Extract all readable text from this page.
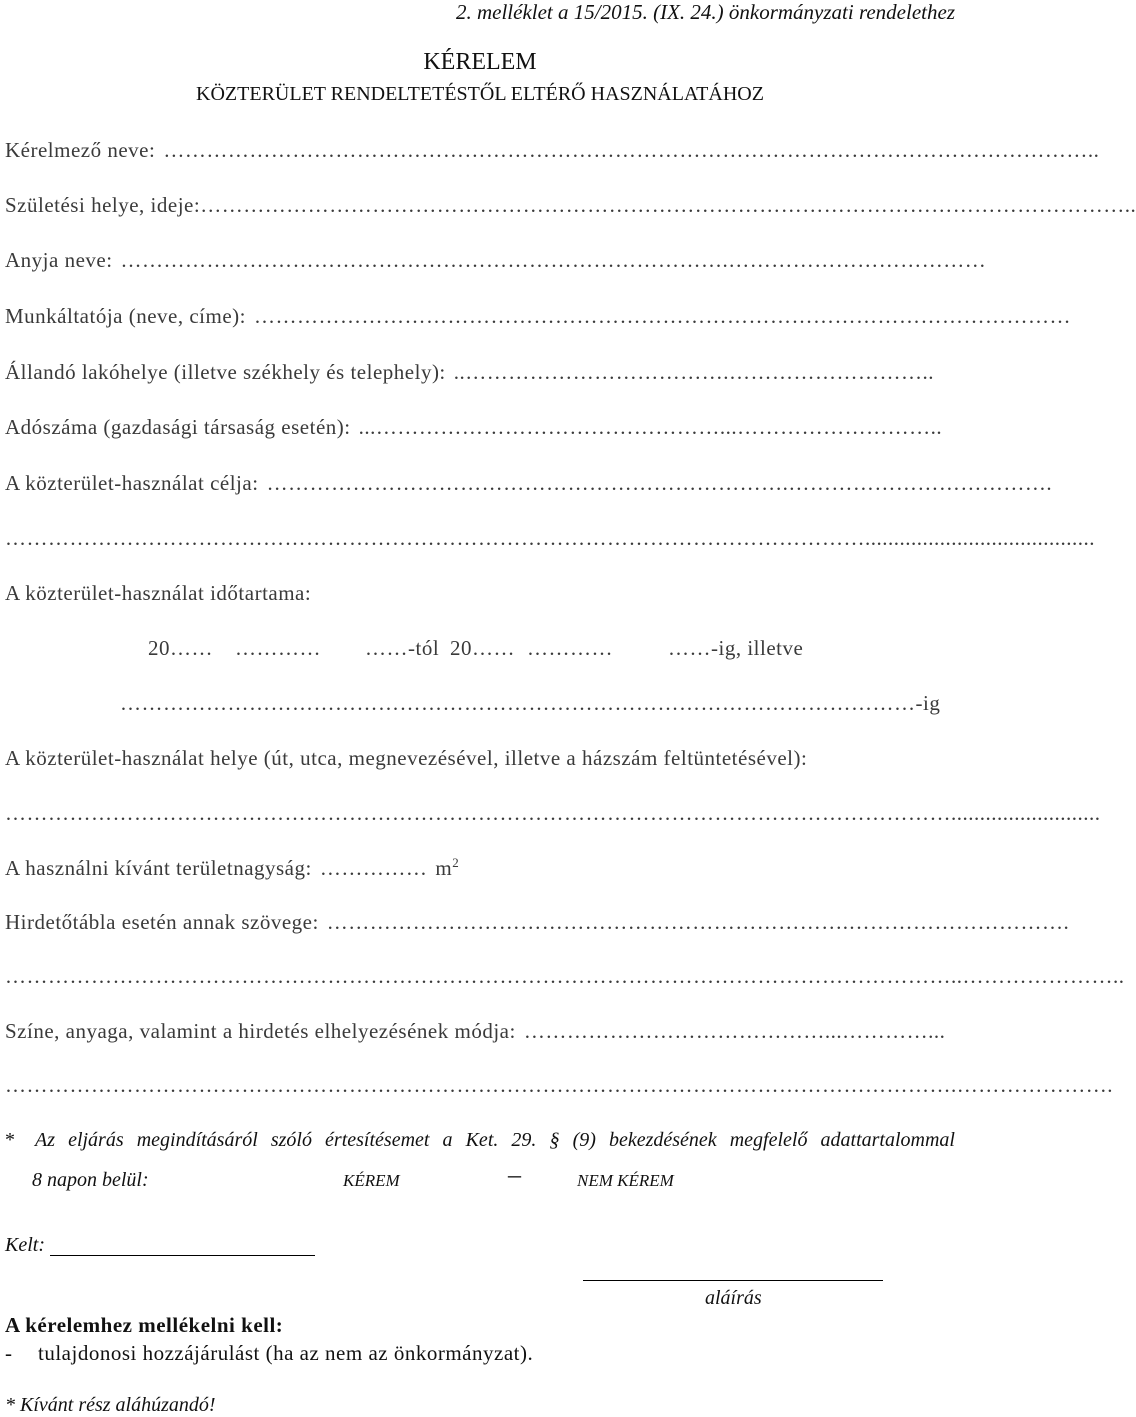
2. melléklet a 15/2015. (IX. 24.) önkormányzati rendelethez
KÉRELEM
KÖZTERÜLET RENDELTETÉSTŐL ELTÉRŐ HASZNÁLATÁHOZ
Kérelmező neve: …………………………………………………………………………………………………………………..
Születési helye, ideje:…………………………………………………………………………………………………………………..
Anyja neve: ………………………………………………………………………….………………………………
Munkáltatója (neve, címe): ……………………………………………………………………………………………………
Állandó lakóhelye (illetve székhely és telephely): ..……………………………….………………………..
Adószáma (gazdasági társaság esetén): ...…………………………………………...………………………..
A közterület-használat célja: ……………………………………………………………….……………………………….
…………………………………………………………………………………………………………........................................
A közterület-használat időtartama:
20…… ………… ……-tól 20…… …………	……-ig, illetve
…………………………………………………………………………………………………-ig
A közterület-használat helye (út, utca, megnevezésével, illetve a házszám feltüntetésével):
……………………………………………………………………………………………………………………..........................
A használni kívánt területnagyság: …………… $m^2$
Hirdetőtábla esetén annak szövege: ……………………………………………………………….………………………….
……………………………………………………………………………………………………………………..…………………..
Színe, anyaga, valamint a hirdetés elhelyezésének módja: ……………………………………...…………...
…………………………………………………………………………………………………………………….………………….
* Az eljárás megindításáról szóló értesítésemet a Ket. 29. § (9) bekezdésének megfelelő adattartalommal
8 napon belül:	KÉREM	–	NEM KÉREM
Kelt:
aláírás
A kérelemhez mellékelni kell:
- tulajdonosi hozzájárulást (ha az nem az önkormányzat).
* Kívánt rész aláhúzandó!
